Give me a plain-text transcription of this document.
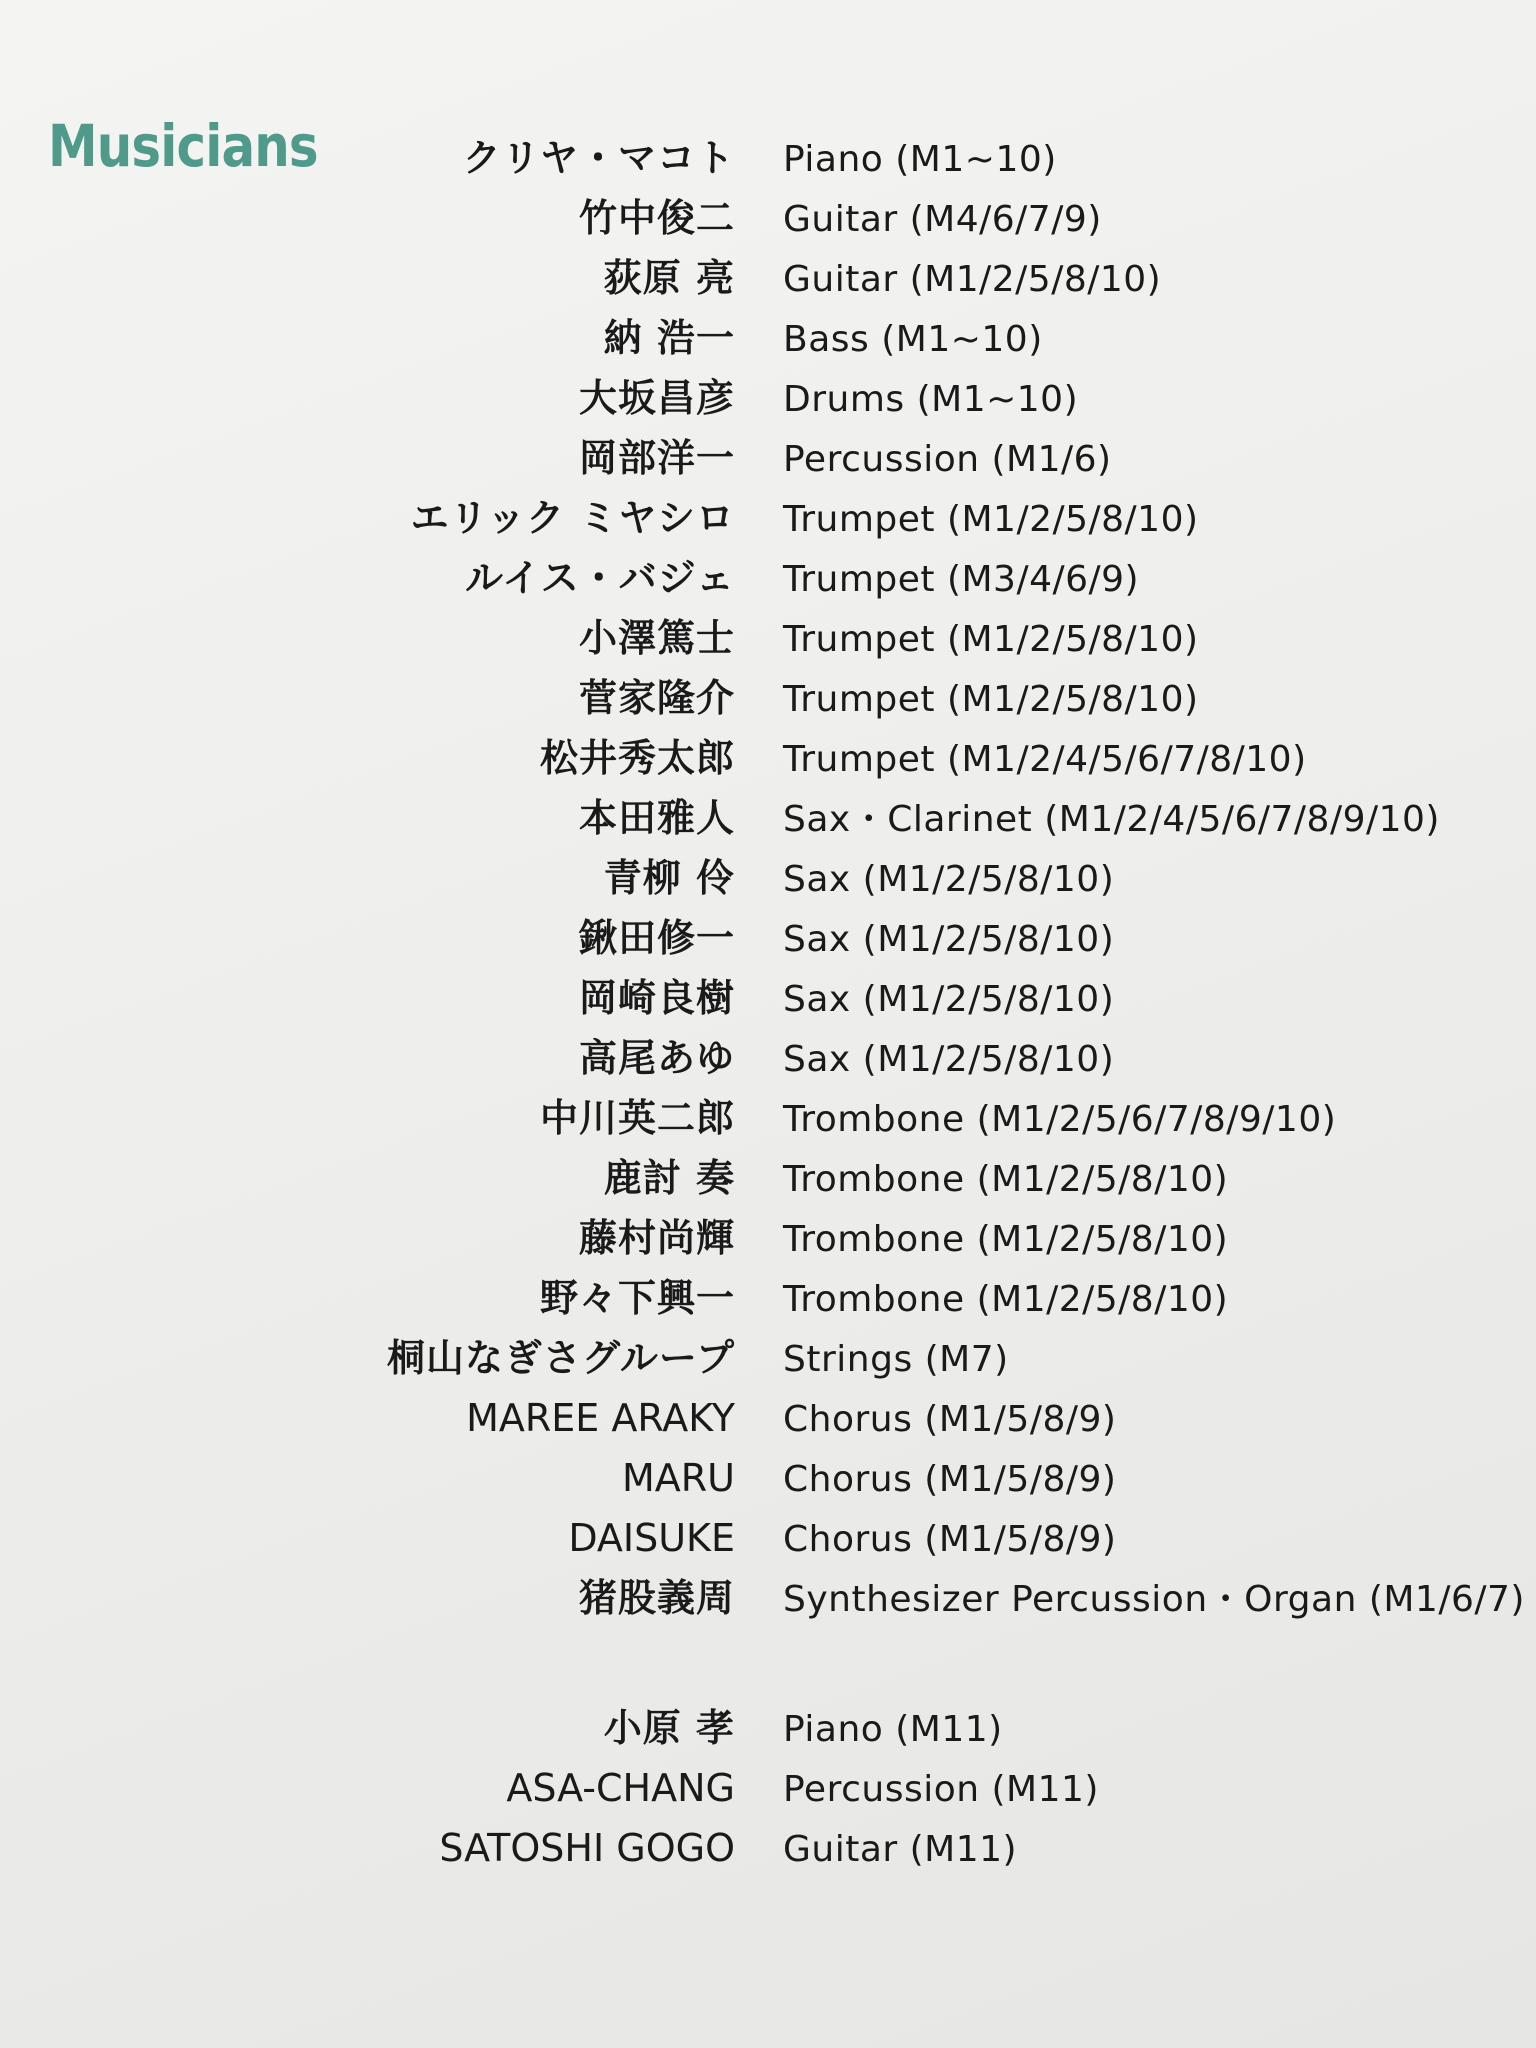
Musicians	クリヤ・マコト Piano (M1~10)
竹中俊二 Guitar (M4/6/7/9)
荻原 亮 Guitar (M1/2/5/8/10)
納 浩一 Bass (M1~10)
大坂昌彦 Drums (M1~10)
岡部洋一 Percussion (M1/6)
エリック ミヤシロ Trumpet (M1/2/5/8/10)
ルイス・バジェ Trumpet (M3/4/6/9)
小澤篤士 Trumpet (M1/2/5/8/10)
菅家隆介 Trumpet (M1/2/5/8/10)
松井秀太郎 Trumpet (M1/2/4/5/6/7/8/10)
本田雅人 Sax・Clarinet (M1/2/4/5/6/7/8/9/10)
青柳 伶 Sax (M1/2/5/8/10)
鍬田修一 Sax (M1/2/5/8/10)
岡崎良樹 Sax (M1/2/5/8/10)
高尾あゆ Sax (M1/2/5/8/10)
中川英二郎 Trombone (M1/2/5/6/7/8/9/10)
鹿討 奏 Trombone (M1/2/5/8/10)
藤村尚輝 Trombone (M1/2/5/8/10)
野々下興一 Trombone (M1/2/5/8/10)
桐山なぎさグループ Strings (M7)
MAREE ARAKY Chorus (M1/5/8/9)
MARU Chorus (M1/5/8/9)
DAISUKE Chorus (M1/5/8/9)
猪股義周 Synthesizer Percussion・Organ (M1/6/7)
小原 孝 Piano (M11)
ASA-CHANG Percussion (M11)
SATOSHI GOGO Guitar (M11)
